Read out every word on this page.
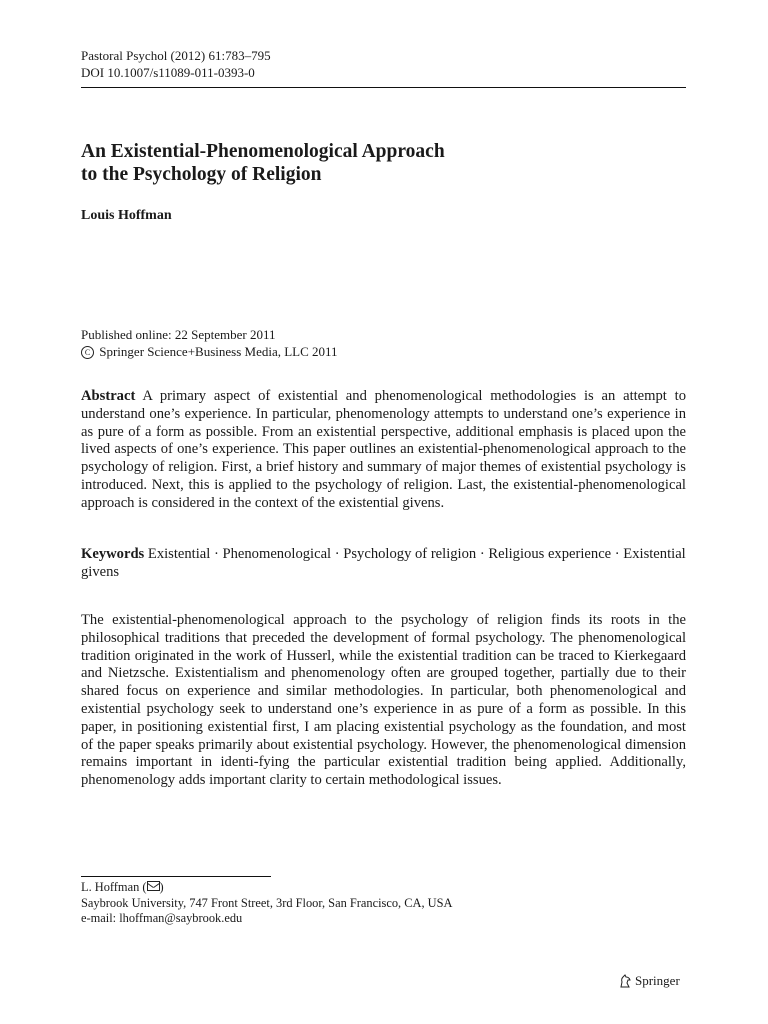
Pastoral Psychol (2012) 61:783–795
DOI 10.1007/s11089-011-0393-0
An Existential-Phenomenological Approach
to the Psychology of Religion
Louis Hoffman
Published online: 22 September 2011
C Springer Science+Business Media, LLC 2011
Abstract A primary aspect of existential and phenomenological methodologies is an attempt to understand one’s experience. In particular, phenomenology attempts to understand one’s experience in as pure of a form as possible. From an existential perspective, additional emphasis is placed upon the lived aspects of one’s experience. This paper outlines an existential-phenomenological approach to the psychology of religion. First, a brief history and summary of major themes of existential psychology is introduced. Next, this is applied to the psychology of religion. Last, the existential-phenomenological approach is considered in the context of the existential givens.
Keywords Existential · Phenomenological · Psychology of religion · Religious experience · Existential givens
The existential-phenomenological approach to the psychology of religion finds its roots in the philosophical traditions that preceded the development of formal psychology. The phenomenological tradition originated in the work of Husserl, while the existential tradition can be traced to Kierkegaard and Nietzsche. Existentialism and phenomenology often are grouped together, partially due to their shared focus on experience and similar methodologies. In particular, both phenomenological and existential psychology seek to understand one’s experience in as pure of a form as possible. In this paper, in positioning existential first, I am placing existential psychology as the foundation, and most of the paper speaks primarily about existential psychology. However, the phenomenological dimension remains important in identi-fying the particular existential tradition being applied. Additionally, phenomenology adds important clarity to certain methodological issues.
L. Hoffman ( )
Saybrook University, 747 Front Street, 3rd Floor, San Francisco, CA, USA
e-mail: lhoffman@saybrook.edu
Springer
